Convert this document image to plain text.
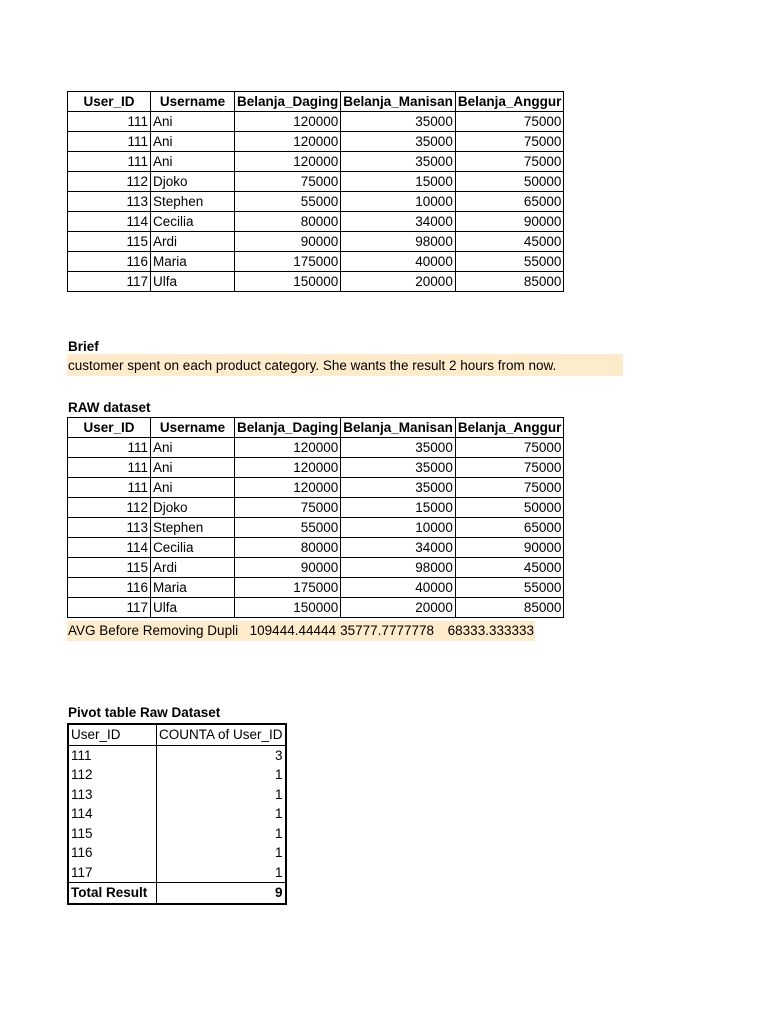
User_ID	Username	Belanja_Daging	Belanja_Manisan	Belanja_Anggur
111	Ani	120000	35000	75000
111	Ani	120000	35000	75000
111	Ani	120000	35000	75000
112	Djoko	75000	15000	50000
113	Stephen	55000	10000	65000
114	Cecilia	80000	34000	90000
115	Ardi	90000	98000	45000
116	Maria	175000	40000	55000
117	Ulfa	150000	20000	85000
Brief
customer spent on each product category. She wants the result 2 hours from now.
RAW dataset
User_ID	Username	Belanja_Daging	Belanja_Manisan	Belanja_Anggur
111	Ani	120000	35000	75000
111	Ani	120000	35000	75000
111	Ani	120000	35000	75000
112	Djoko	75000	15000	50000
113	Stephen	55000	10000	65000
114	Cecilia	80000	34000	90000
115	Ardi	90000	98000	45000
116	Maria	175000	40000	55000
117	Ulfa	150000	20000	85000
AVG Before Removing Dupli 109444.44444 35777.7777778	68333.333333
Pivot table Raw Dataset
User_ID	COUNTA of User_ID
111	3
112	1
113	1
114	1
115	1
116	1
117	1
Total Result	9
